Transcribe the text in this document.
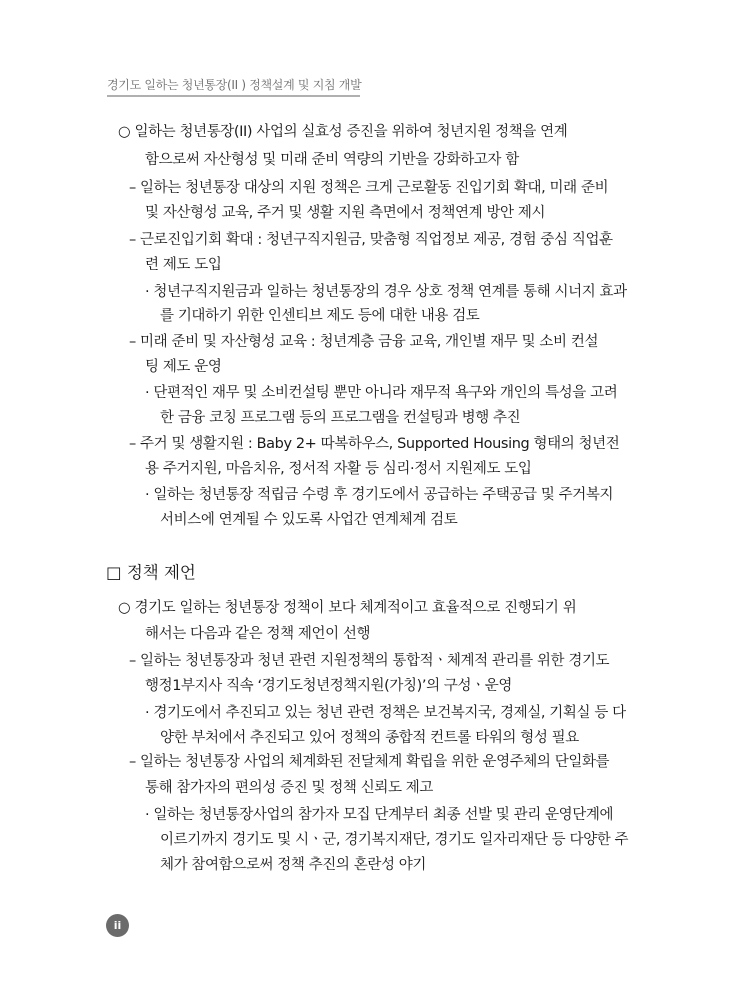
경기도 일하는 청년통장(II ) 정책설계 및 지침 개발
○ 일하는 청년통장(II) 사업의 실효성 증진을 위하여 청년지원 정책을 연계
함으로써 자산형성 및 미래 준비 역량의 기반을 강화하고자 함
– 일하는 청년통장 대상의 지원 정책은 크게 근로활동 진입기회 확대, 미래 준비
및 자산형성 교육, 주거 및 생활 지원 측면에서 정책연계 방안 제시
– 근로진입기회 확대 : 청년구직지원금, 맞춤형 직업정보 제공, 경험 중심 직업훈
련 제도 도입
· 청년구직지원금과 일하는 청년통장의 경우 상호 정책 연계를 통해 시너지 효과
를 기대하기 위한 인센티브 제도 등에 대한 내용 검토
– 미래 준비 및 자산형성 교육 : 청년계층 금융 교육, 개인별 재무 및 소비 컨설
팅 제도 운영
· 단편적인 재무 및 소비컨설팅 뿐만 아니라 재무적 욕구와 개인의 특성을 고려
한 금융 코칭 프로그램 등의 프로그램을 컨설팅과 병행 추진
– 주거 및 생활지원 : Baby 2+ 따복하우스, Supported Housing 형태의 청년전
용 주거지원, 마음치유, 정서적 자활 등 심리·정서 지원제도 도입
· 일하는 청년통장 적립금 수령 후 경기도에서 공급하는 주택공급 및 주거복지
서비스에 연계될 수 있도록 사업간 연계체계 검토
□ 정책 제언
○ 경기도 일하는 청년통장 정책이 보다 체계적이고 효율적으로 진행되기 위
해서는 다음과 같은 정책 제언이 선행
– 일하는 청년통장과 청년 관련 지원정책의 통합적ㆍ체계적 관리를 위한 경기도
행정1부지사 직속 ‘경기도청년정책지원(가칭)’의 구성ㆍ운영
· 경기도에서 추진되고 있는 청년 관련 정책은 보건복지국, 경제실, 기획실 등 다
양한 부처에서 추진되고 있어 정책의 종합적 컨트롤 타워의 형성 필요
– 일하는 청년통장 사업의 체계화된 전달체계 확립을 위한 운영주체의 단일화를
통해 참가자의 편의성 증진 및 정책 신뢰도 제고
· 일하는 청년통장사업의 참가자 모집 단계부터 최종 선발 및 관리 운영단계에
이르기까지 경기도 및 시ㆍ군, 경기복지재단, 경기도 일자리재단 등 다양한 주
체가 참여함으로써 정책 추진의 혼란성 야기
ii
